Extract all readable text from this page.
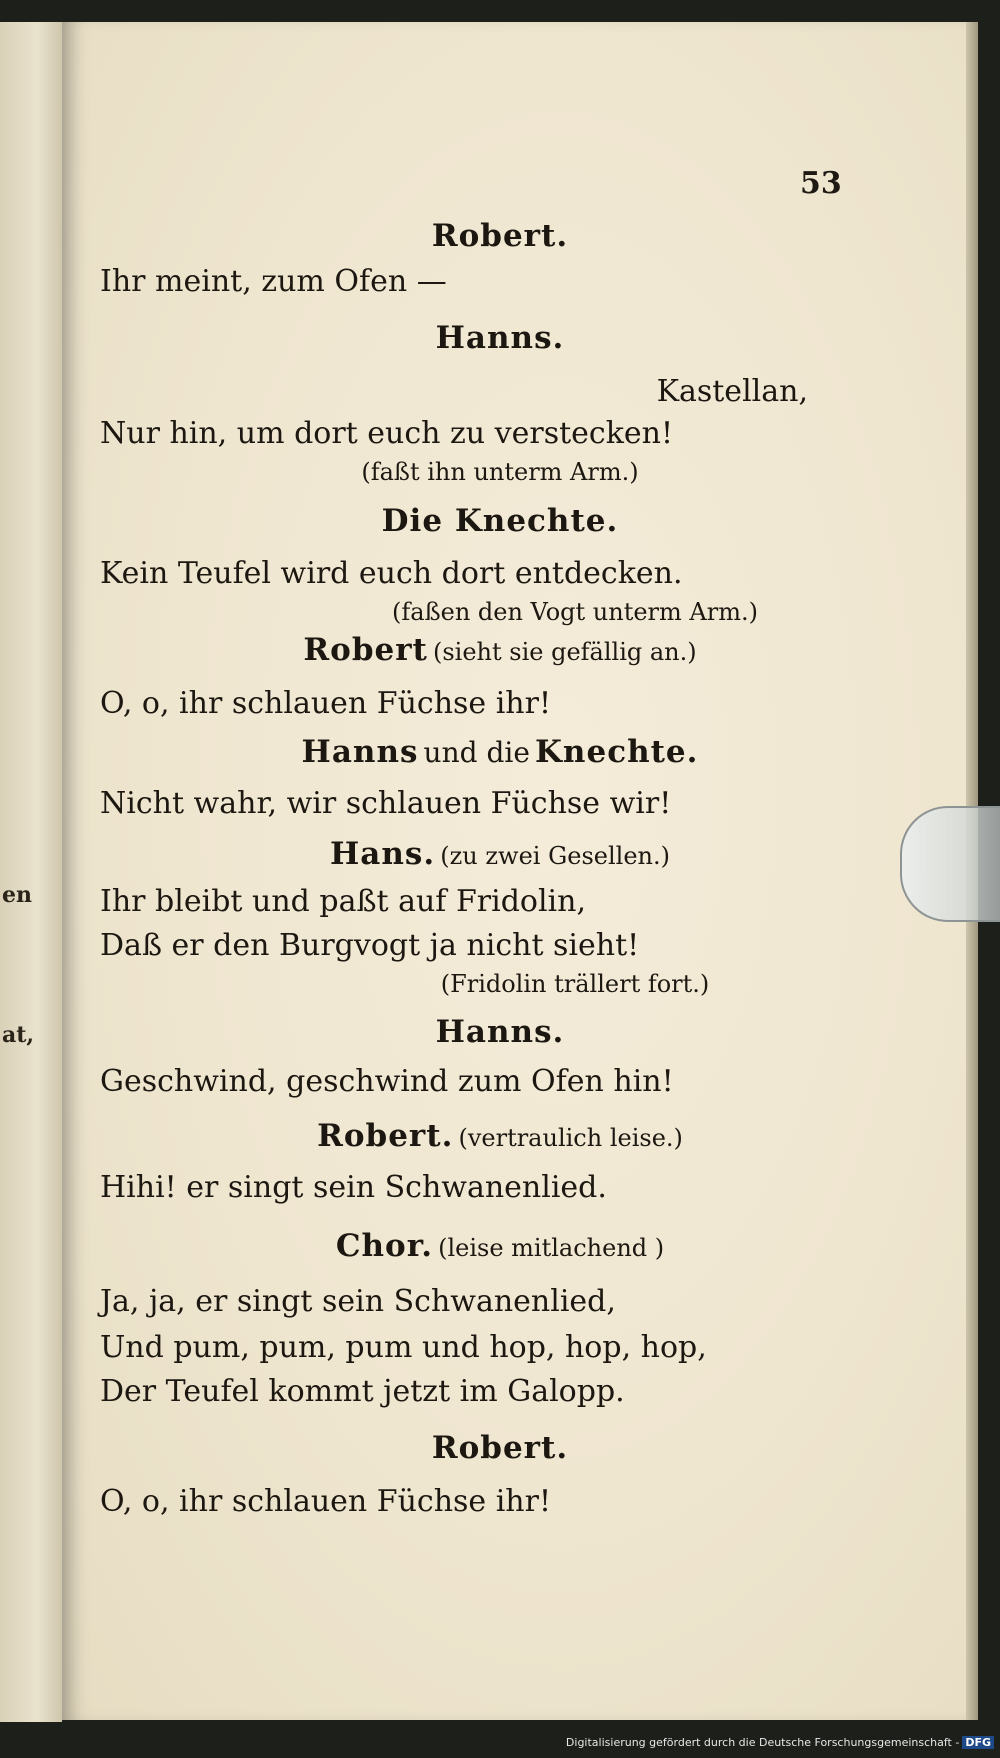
en
at,
53
Robert.
Ihr meint, zum Ofen —
Hanns.
Kastellan,
Nur hin, um dort euch zu verstecken!
(faßt ihn unterm Arm.)
Die Knechte.
Kein Teufel wird euch dort entdecken.
(faßen den Vogt unterm Arm.)
Robert (sieht sie gefällig an.)
O, o, ihr schlauen Füchse ihr!
Hanns und die Knechte.
Nicht wahr, wir schlauen Füchse wir!
Hans. (zu zwei Gesellen.)
Ihr bleibt und paßt auf Fridolin,
Daß er den Burgvogt ja nicht sieht!
(Fridolin trällert fort.)
Hanns.
Geschwind, geschwind zum Ofen hin!
Robert. (vertraulich leise.)
Hihi! er singt sein Schwanenlied.
Chor. (leise mitlachend )
Ja, ja, er singt sein Schwanenlied,
Und pum, pum, pum und hop, hop, hop,
Der Teufel kommt jetzt im Galopp.
Robert.
O, o, ihr schlauen Füchse ihr!
Digitalisierung gefördert durch die Deutsche Forschungsgemeinschaft - DFG
